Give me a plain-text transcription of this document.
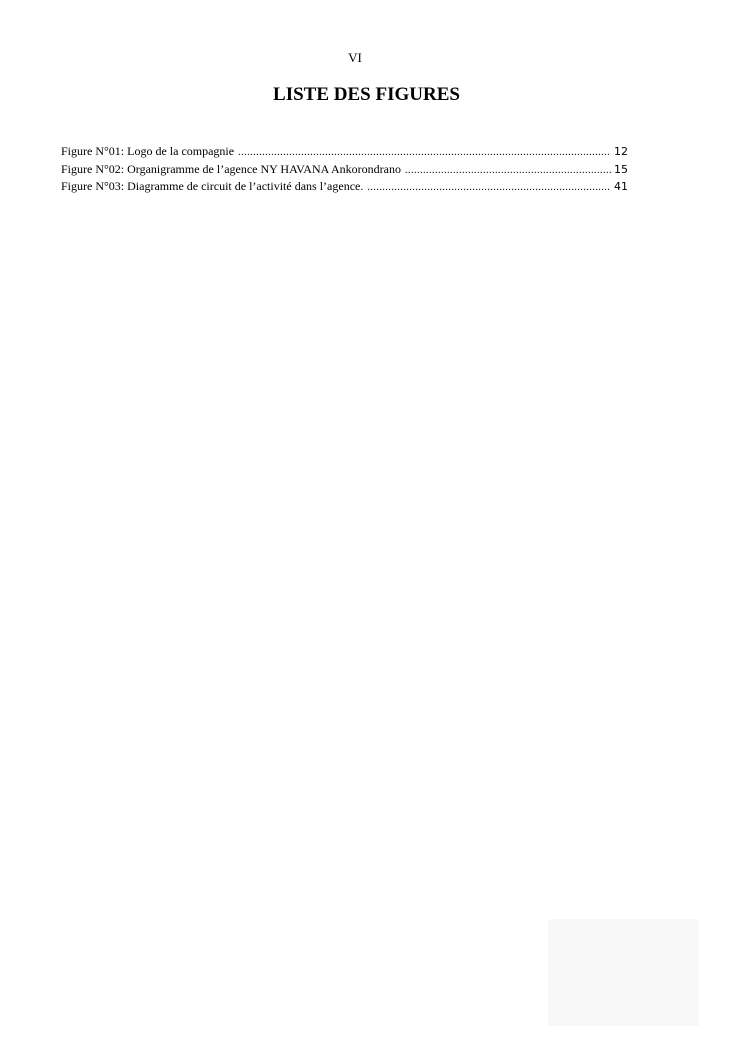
VI
LISTE DES FIGURES
Figure N°01: Logo de la compagnie .....	12
Figure N°02: Organigramme de l’agence NY HAVANA Ankorondrano .....	15
Figure N°03: Diagramme de circuit de l’activité dans l’agence. .....	41
